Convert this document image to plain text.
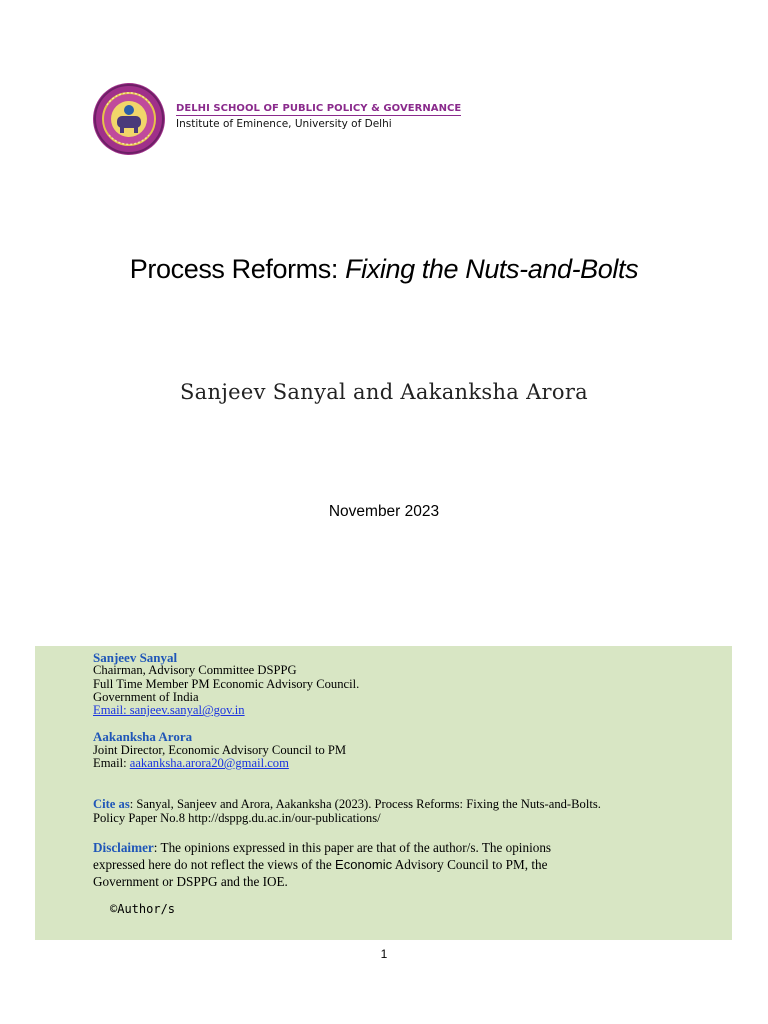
DELHI SCHOOL OF PUBLIC POLICY & GOVERNANCE
Institute of Eminence, University of Delhi
Process Reforms: Fixing the Nuts-and-Bolts
Sanjeev Sanyal and Aakanksha Arora
November 2023
Sanjeev Sanyal
Chairman, Advisory Committee DSPPG
Full Time Member PM Economic Advisory Council.
Government of India
Email: sanjeev.sanyal@gov.in
Aakanksha Arora
Joint Director, Economic Advisory Council to PM
Email: aakanksha.arora20@gmail.com
Cite as: Sanyal, Sanjeev and Arora, Aakanksha (2023). Process Reforms: Fixing the Nuts-and-Bolts.
Policy Paper No.8 http://dsppg.du.ac.in/our-publications/
Disclaimer: The opinions expressed in this paper are that of the author/s. The opinions
expressed here do not reflect the views of the Economic Advisory Council to PM, the
Government or DSPPG and the IOE.
©Author/s
1
